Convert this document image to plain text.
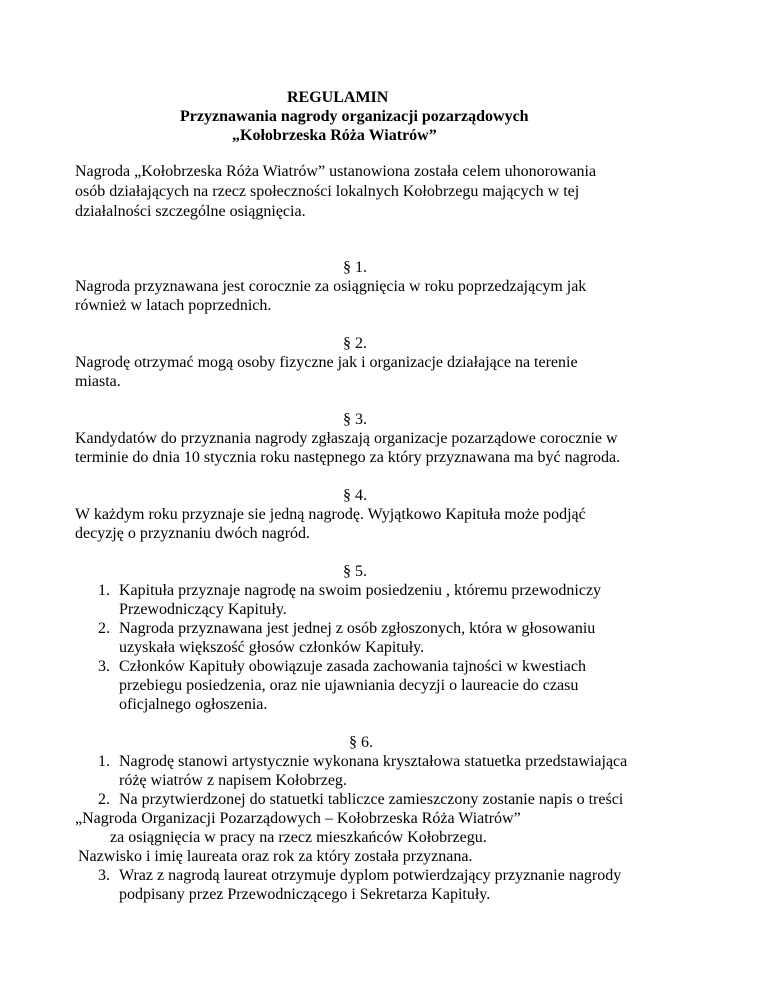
REGULAMIN
Przyznawania nagrody organizacji pozarządowych
„Kołobrzeska Róża Wiatrów”
Nagroda „Kołobrzeska Róża Wiatrów” ustanowiona została celem uhonorowania
osób działających na rzecz społeczności lokalnych Kołobrzegu mających w tej
działalności szczególne osiągnięcia.
§ 1.
Nagroda przyznawana jest corocznie za osiągnięcia w roku poprzedzającym jak
również w latach poprzednich.
§ 2.
Nagrodę otrzymać mogą osoby fizyczne jak i organizacje działające na terenie
miasta.
§ 3.
Kandydatów do przyznania nagrody zgłaszają organizacje pozarządowe corocznie w
terminie do dnia 10 stycznia roku następnego za który przyznawana ma być nagroda.
§ 4.
W każdym roku przyznaje sie jedną nagrodę. Wyjątkowo Kapituła może podjąć
decyzję o przyznaniu dwóch nagród.
§ 5.
1. Kapituła przyznaje nagrodę na swoim posiedzeniu , któremu przewodniczy
Przewodniczący Kapituły.
2. Nagroda przyznawana jest jednej z osób zgłoszonych, która w głosowaniu
uzyskała większość głosów członków Kapituły.
3. Członków Kapituły obowiązuje zasada zachowania tajności w kwestiach
przebiegu posiedzenia, oraz nie ujawniania decyzji o laureacie do czasu
oficjalnego ogłoszenia.
§ 6.
1. Nagrodę stanowi artystycznie wykonana kryształowa statuetka przedstawiająca
różę wiatrów z napisem Kołobrzeg.
2. Na przytwierdzonej do statuetki tabliczce zamieszczony zostanie napis o treści
„Nagroda Organizacji Pozarządowych – Kołobrzeska Róża Wiatrów”
za osiągnięcia w pracy na rzecz mieszkańców Kołobrzegu.
Nazwisko i imię laureata oraz rok za który została przyznana.
3. Wraz z nagrodą laureat otrzymuje dyplom potwierdzający przyznanie nagrody
podpisany przez Przewodniczącego i Sekretarza Kapituły.
